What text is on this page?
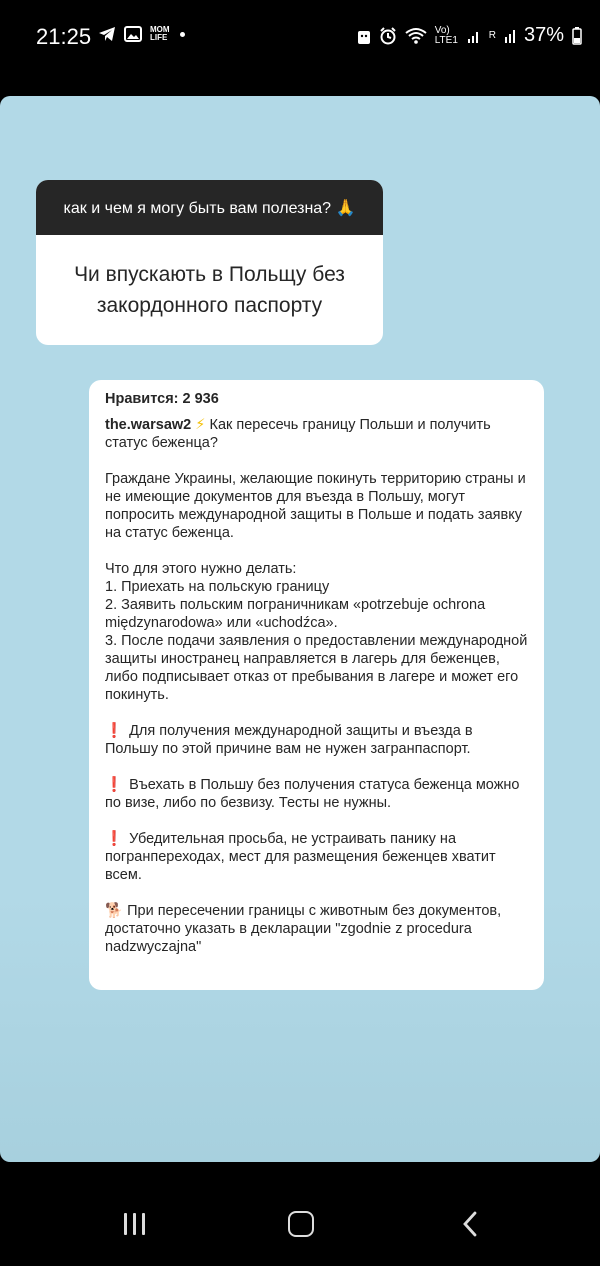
21:25	MOM LIFE
Vo) LTE1	R 37%
как и чем я могу быть вам полезна? 🙏
Чи впускають в Польщу без закордонного паспорту
Нравится: 2 936

the.warsaw2 ⚡ Как пересечь границу Польши и получить статус беженца?

Граждане Украины, желающие покинуть территорию страны и не имеющие документов для въезда в Польшу, могут попросить международной защиты в Польше и подать заявку на статус беженца.

Что для этого нужно делать:
1. Приехать на польскую границу
2. Заявить польским пограничникам «potrzebuje ochrona międzynarodowa» или «uchodźca».
3. После подачи заявления о предоставлении международной защиты иностранец направляется в лагерь для беженцев, либо подписывает отказ от пребывания в лагере и может его покинуть.

❗ Для получения международной защиты и въезда в Польшу по этой причине вам не нужен загранпаспорт.

❗ Въехать в Польшу без получения статуса беженца можно по визе, либо по безвизу. Тесты не нужны.

❗ Убедительная просьба, не устраивать панику на погранпереходах, мест для размещения беженцев хватит всем.

🐕 При пересечении границы с животным без документов, достаточно указать в декларации "zgodnie z procedura nadzwyczajna"
